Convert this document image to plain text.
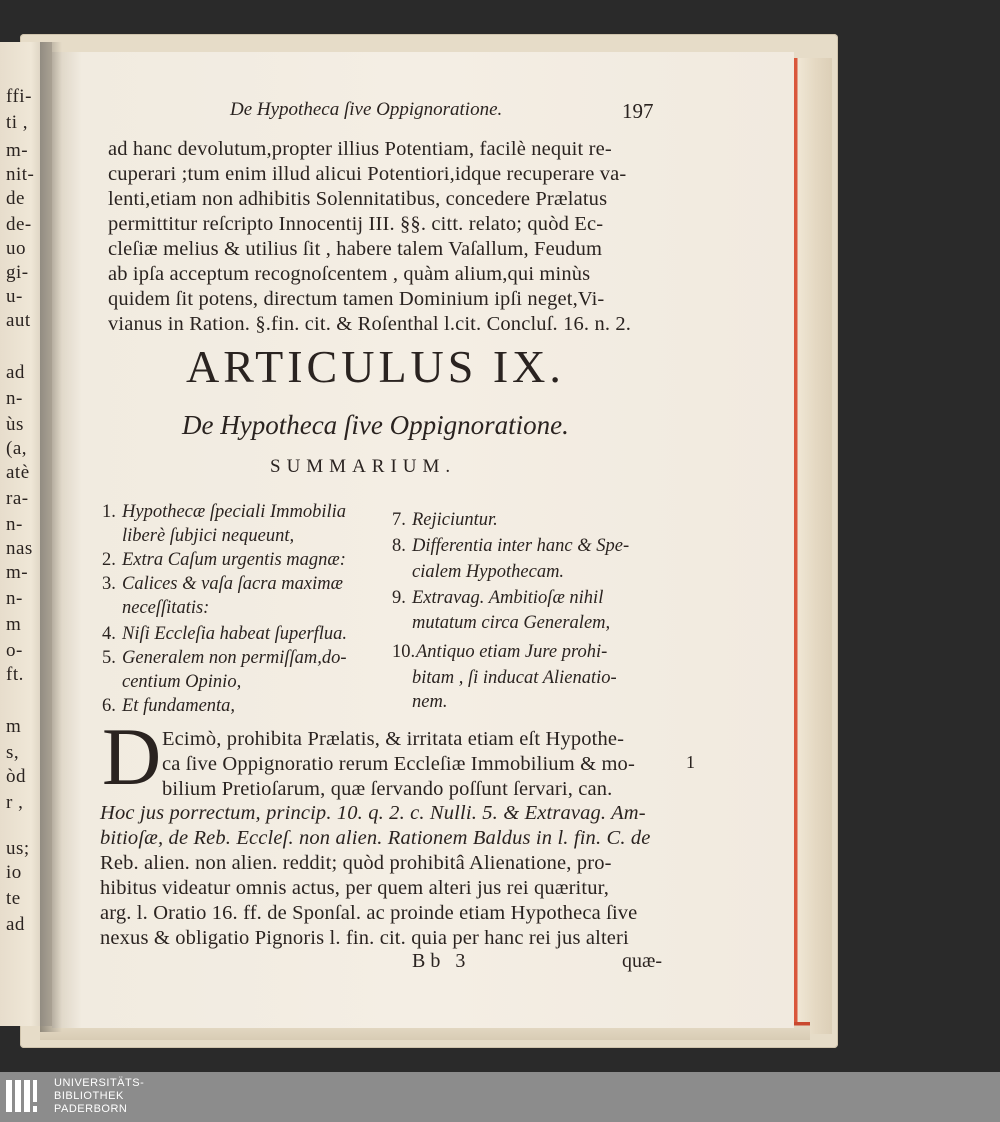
ffi-
ti ,
m-
nit-
de
de-
uo
gi-
u-
aut
ad
n-
ùs
(a,
atè
ra-
n-
nas
m-
n-
m
o-
ft.
m
s,
òd
r ,
us;
io
te
ad
De Hypotheca ſive Oppignoratione.	197
ad hanc devolutum,propter illius Potentiam, facilè nequit re-
cuperari ;tum enim illud alicui Potentiori,idque recuperare va-
lenti,etiam non adhibitis Solennitatibus, concedere Prælatus
permittitur reſcripto Innocentij III. §§. citt. relato; quòd Ec-
cleſiæ melius & utilius ſit , habere talem Vaſallum, Feudum
ab ipſa acceptum recognoſcentem , quàm alium,qui minùs
quidem ſit potens, directum tamen Dominium ipſi neget,Vi-
vianus in Ration. §.fin. cit. & Roſenthal l.cit. Concluſ. 16. n. 2.
ARTICULUS IX.
De Hypotheca ſive Oppignoratione.
SUMMARIUM.
1. Hypothecæ ſpeciali Immobilia
liberè ſubjici nequeunt,
2. Extra Caſum urgentis magnæ:
3. Calices & vaſa ſacra maximæ
neceſſitatis:
4. Niſi Eccleſia habeat ſuperflua.
5. Generalem non permiſſam,do-
centium Opinio,
6. Et fundamenta,
7. Rejiciuntur.
8. Differentia inter hanc & Spe-
cialem Hypothecam.
9. Extravag. Ambitioſæ nihil
mutatum circa Generalem,
10.Antiquo etiam Jure prohi-
bitam , ſi inducat Alienatio-
nem.
D	1
Ecimò, prohibita Prælatis, & irritata etiam eſt Hypothe-
ca ſive Oppignoratio rerum Eccleſiæ Immobilium & mo-
bilium Pretioſarum, quæ ſervando poſſunt ſervari, can.
Hoc jus porrectum, princip. 10. q. 2. c. Nulli. 5. & Extravag. Am-
bitioſæ, de Reb. Eccleſ. non alien. Rationem Baldus in l. fin. C. de
Reb. alien. non alien. reddit; quòd prohibitâ Alienatione, pro-
hibitus videatur omnis actus, per quem alteri jus rei quæritur,
arg. l. Oratio 16. ff. de Sponſal. ac proinde etiam Hypotheca ſive
nexus & obligatio Pignoris l. fin. cit. quia per hanc rei jus alteri
Bb 3	quæ-
UNIVERSITÄTS-
BIBLIOTHEK
PADERBORN
